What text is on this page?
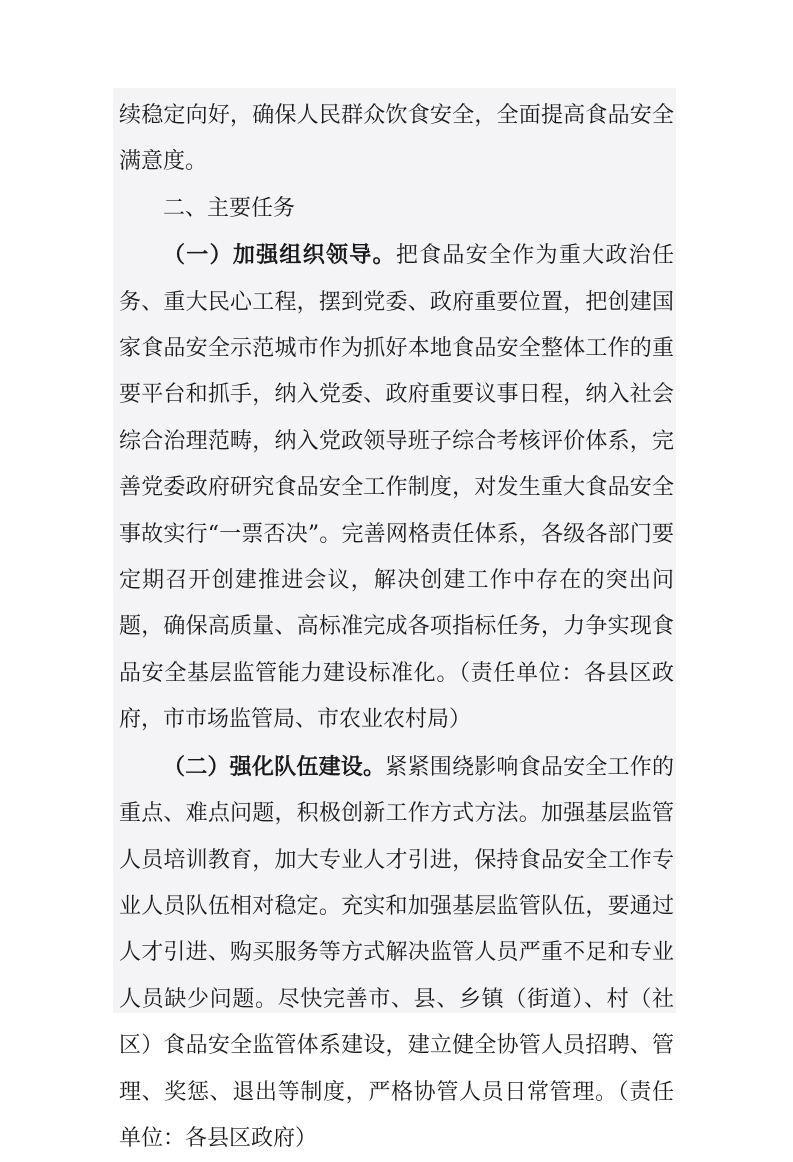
续稳定向好，确保人民群众饮食安全，全面提高食品安全满意度。

二、主要任务

（一）加强组织领导。把食品安全作为重大政治任务、重大民心工程，摆到党委、政府重要位置，把创建国家食品安全示范城市作为抓好本地食品安全整体工作的重要平台和抓手，纳入党委、政府重要议事日程，纳入社会综合治理范畴，纳入党政领导班子综合考核评价体系，完善党委政府研究食品安全工作制度，对发生重大食品安全事故实行“一票否决”。完善网格责任体系，各级各部门要定期召开创建推进会议，解决创建工作中存在的突出问题，确保高质量、高标准完成各项指标任务，力争实现食品安全基层监管能力建设标准化。（责任单位：各县区政府，市市场监管局、市农业农村局）

（二）强化队伍建设。紧紧围绕影响食品安全工作的重点、难点问题，积极创新工作方式方法。加强基层监管人员培训教育，加大专业人才引进，保持食品安全工作专业人员队伍相对稳定。充实和加强基层监管队伍，要通过人才引进、购买服务等方式解决监管人员严重不足和专业人员缺少问题。尽快完善市、县、乡镇（街道）、村（社区）食品安全监管体系建设，建立健全协管人员招聘、管理、奖惩、退出等制度，严格协管人员日常管理。（责任单位：各县区政府）
